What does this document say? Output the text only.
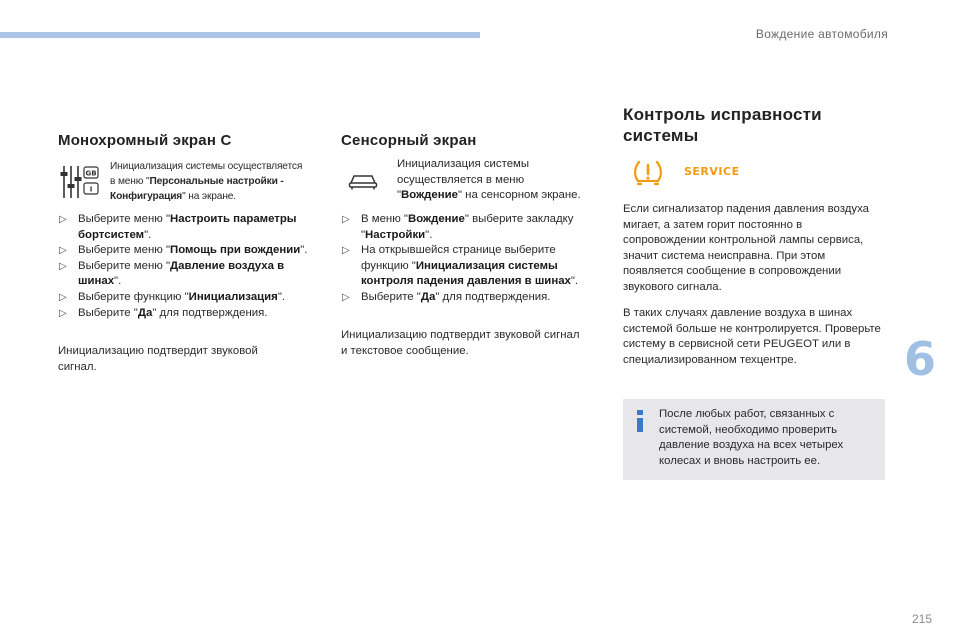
Вождение автомобиля
Монохромный экран С
GB
I
Инициализация системы осуществляется
в меню "Персональные настройки -
Конфигурация" на экране.
▷ Выберите меню "Настроить параметры бортсистем".
▷ Выберите меню "Помощь при вождении".
▷ Выберите меню "Давление воздуха в шинах".
▷ Выберите функцию "Инициализация".
▷ Выберите "Да" для подтверждения.
Инициализацию подтвердит звуковой сигнал.
Сенсорный экран
Инициализация системы
осуществляется в меню
"Вождение" на сенсорном экране.
▷ В меню "Вождение" выберите закладку "Настройки".
▷ На открывшейся странице выберите функцию "Инициализация системы контроля падения давления в шинах".
▷ Выберите "Да" для подтверждения.
Инициализацию подтвердит звуковой сигнал и текстовое сообщение.
Контроль исправности
системы
SERVICE
Если сигнализатор падения давления воздуха мигает, а затем горит постоянно в сопровождении контрольной лампы сервиса, значит система неисправна. При этом появляется сообщение в сопровождении звукового сигнала.
В таких случаях давление воздуха в шинах системой больше не контролируется. Проверьте систему в сервисной сети PEUGEOT или в специализированном техцентре.
После любых работ, связанных с системой, необходимо проверить давление воздуха на всех четырех колесах и вновь настроить ее.
6
215
